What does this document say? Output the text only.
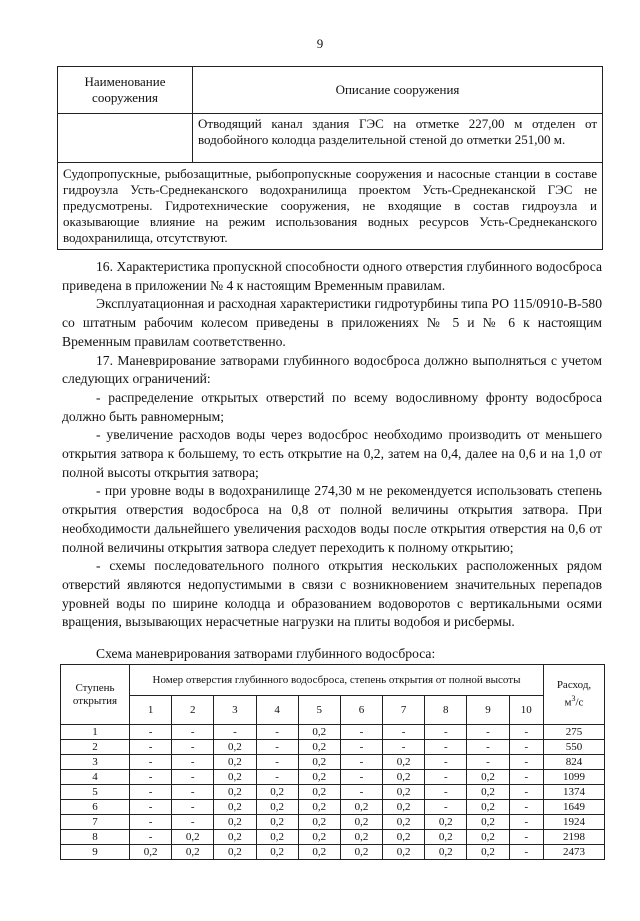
9
Наименование сооружения	Описание сооружения
	Отводящий канал здания ГЭС на отметке 227,00 м отделен от водобойного колодца разделительной стеной до отметки 251,00 м.
Судопропускные, рыбозащитные, рыбопропускные сооружения и насосные станции в составе гидроузла Усть-Среднеканского водохранилища проектом Усть-Среднеканской ГЭС не предусмотрены. Гидротехнические сооружения, не входящие в состав гидроузла и оказывающие влияние на режим использования водных ресурсов Усть-Среднеканского водохранилища, отсутствуют.	

16. Характеристика пропускной способности одного отверстия глубинного водосброса приведена в приложении № 4 к настоящим Временным правилам.

Эксплуатационная и расходная характеристики гидротурбины типа РО 115/0910-В-580 со штатным рабочим колесом приведены в приложениях № 5 и № 6 к настоящим Временным правилам соответственно.

17. Маневрирование затворами глубинного водосброса должно выполняться с учетом следующих ограничений:

- распределение открытых отверстий по всему водосливному фронту водосброса должно быть равномерным;

- увеличение расходов воды через водосброс необходимо производить от меньшего открытия затвора к большему, то есть открытие на 0,2, затем на 0,4, далее на 0,6 и на 1,0 от полной высоты открытия затвора;

- при уровне воды в водохранилище 274,30 м не рекомендуется использовать степень открытия отверстия водосброса на 0,8 от полной величины открытия затвора. При необходимости дальнейшего увеличения расходов воды после открытия отверстия на 0,6 от полной величины открытия затвора следует переходить к полному открытию;

- схемы последовательного полного открытия нескольких расположенных рядом отверстий являются недопустимыми в связи с возникновением значительных перепадов уровней воды по ширине колодца и образованием водоворотов с вертикальными осями вращения, вызывающих нерасчетные нагрузки на плиты водобоя и рисбермы.

Схема маневрирования затворами глубинного водосброса:
Ступень открытия	Номер отверстия глубинного водосброса, степень открытия от полной высоты										Расход,
$м^3/с$
	1	2	3	4	5	6	7	8	9	10	
1	-	-	-	-	0,2	-	-	-	-	-	275
2	-	-	0,2	-	0,2	-	-	-	-	-	550
3	-	-	0,2	-	0,2	-	0,2	-	-	-	824
4	-	-	0,2	-	0,2	-	0,2	-	0,2	-	1099
5	-	-	0,2	0,2	0,2	-	0,2	-	0,2	-	1374
6	-	-	0,2	0,2	0,2	0,2	0,2	-	0,2	-	1649
7	-	-	0,2	0,2	0,2	0,2	0,2	0,2	0,2	-	1924
8	-	0,2	0,2	0,2	0,2	0,2	0,2	0,2	0,2	-	2198
9	0,2	0,2	0,2	0,2	0,2	0,2	0,2	0,2	0,2	-	2473
